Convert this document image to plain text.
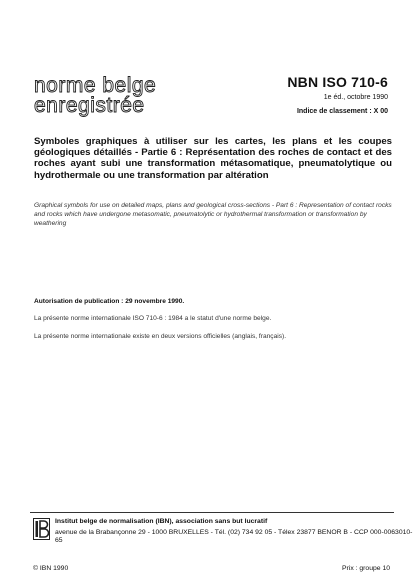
norme belge
enregistrée
NBN ISO 710-6
1e éd., octobre 1990
Indice de classement : X 00
Symboles graphiques à utiliser sur les cartes, les plans et les coupes géologiques détaillés - Partie 6 : Représentation des roches de contact et des roches ayant subi une transformation métasomatique, pneumatolytique ou hydrothermale ou une transformation par altération
Graphical symbols for use on detailed maps, plans and geological cross-sections - Part 6 : Representation of contact rocks and rocks which have undergone metasomatic, pneumatolytic or hydrothermal transformation or transformation by weathering
Autorisation de publication : 29 novembre 1990.
La présente norme internationale ISO 710-6 : 1984 a le statut d'une norme belge.
La présente norme internationale existe en deux versions officielles (anglais, français).
Institut belge de normalisation (IBN), association sans but lucratif
avenue de la Brabançonne 29 - 1000 BRUXELLES - Tél. (02) 734 92 05 - Télex 23877 BENOR B - CCP 000-0063010-65
© IBN 1990	Prix : groupe 10
